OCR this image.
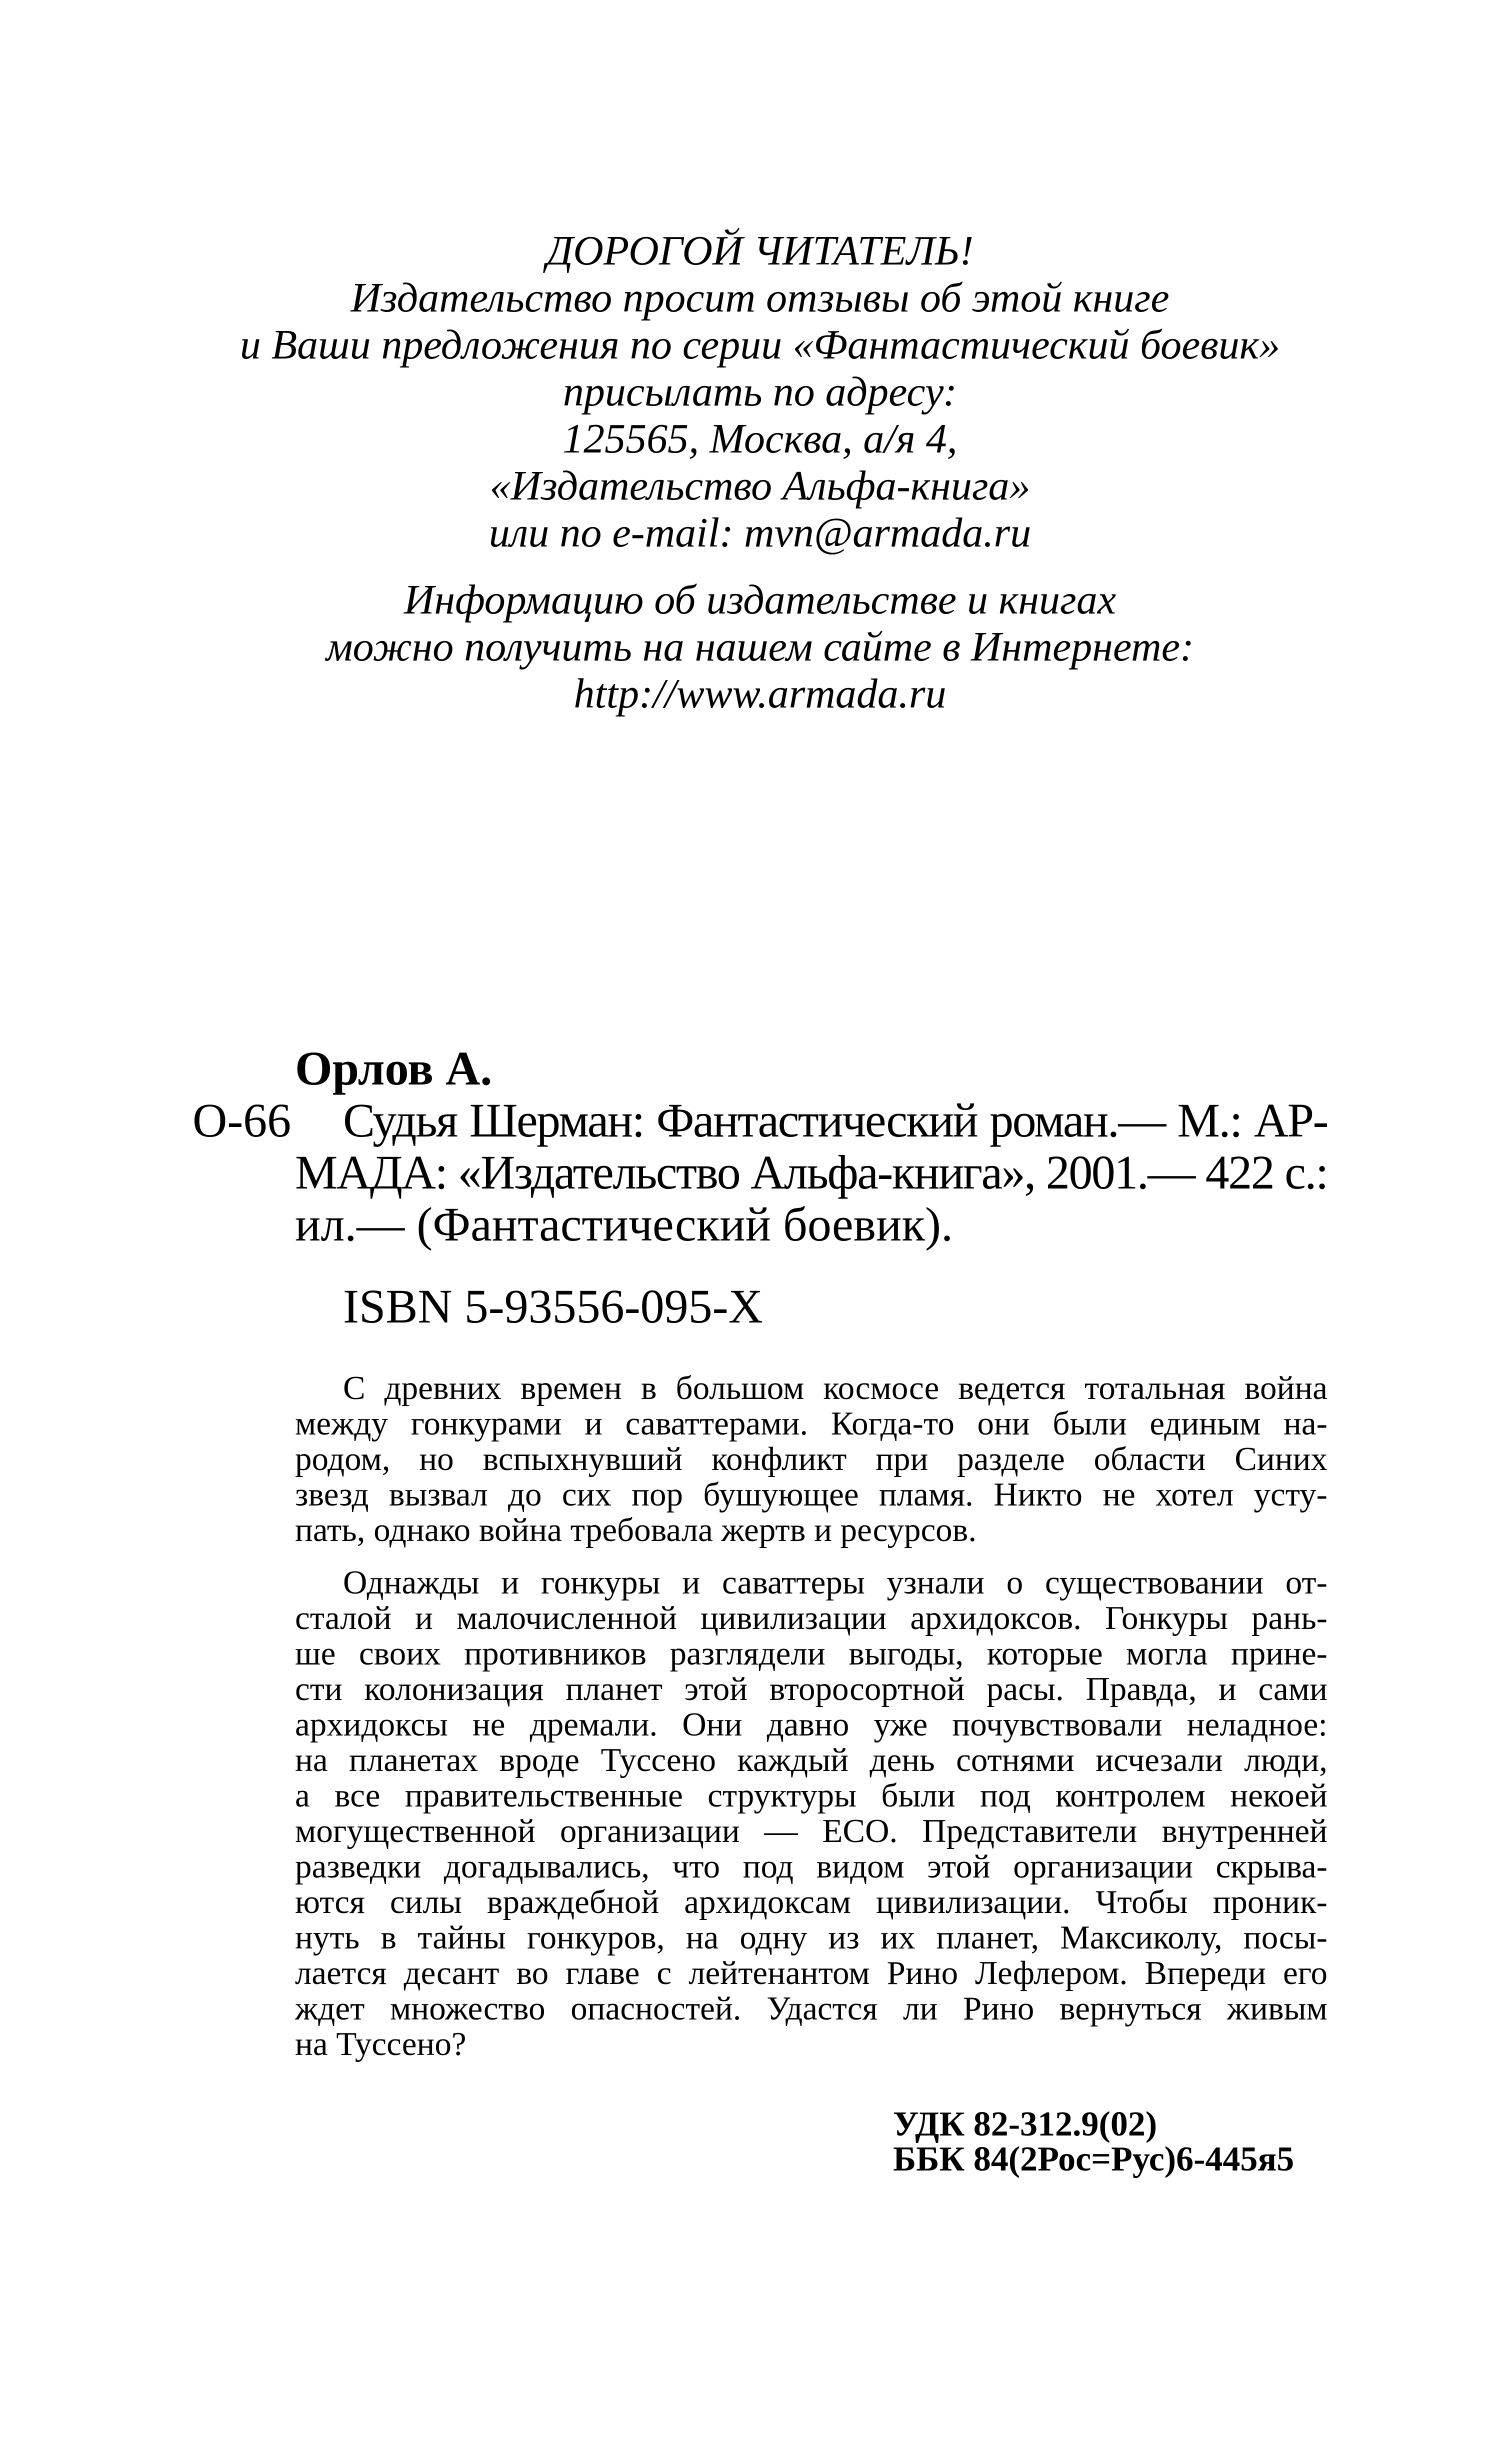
ДОРОГОЙ ЧИТАТЕЛЬ!
Издательство просит отзывы об этой книге
и Ваши предложения по серии «Фантастический боевик»
присылать по адресу:
125565, Москва, а/я 4,
«Издательство Альфа-книга»
или по e-mail: mvn@armada.ru
Информацию об издательстве и книгах
можно получить на нашем сайте в Интернете:
http://www.armada.ru
Орлов А.
О-66	Судья Шерман: Фантастический роман.— М.: АР-
МАДА: «Издательство Альфа-книга», 2001.— 422 с.:
ил.— (Фантастический боевик).
ISBN 5-93556-095-X
С древних времен в большом космосе ведется тотальная война
между гонкурами и саваттерами. Когда-то они были единым на-
родом, но вспыхнувший конфликт при разделе области Синих
звезд вызвал до сих пор бушующее пламя. Никто не хотел усту-
пать, однако война требовала жертв и ресурсов.
Однажды и гонкуры и саваттеры узнали о существовании от-
сталой и малочисленной цивилизации архидоксов. Гонкуры рань-
ше своих противников разглядели выгоды, которые могла прине-
сти колонизация планет этой второсортной расы. Правда, и сами
архидоксы не дремали. Они давно уже почувствовали неладное:
на планетах вроде Туссено каждый день сотнями исчезали люди,
а все правительственные структуры были под контролем некоей
могущественной организации — ЕСО. Представители внутренней
разведки догадывались, что под видом этой организации скрыва-
ются силы враждебной архидоксам цивилизации. Чтобы проник-
нуть в тайны гонкуров, на одну из их планет, Максиколу, посы-
лается десант во главе с лейтенантом Рино Лефлером. Впереди его
ждет множество опасностей. Удастся ли Рино вернуться живым
на Туссено?
УДК 82-312.9(02)
ББК 84(2Рос=Рус)6-445я5
